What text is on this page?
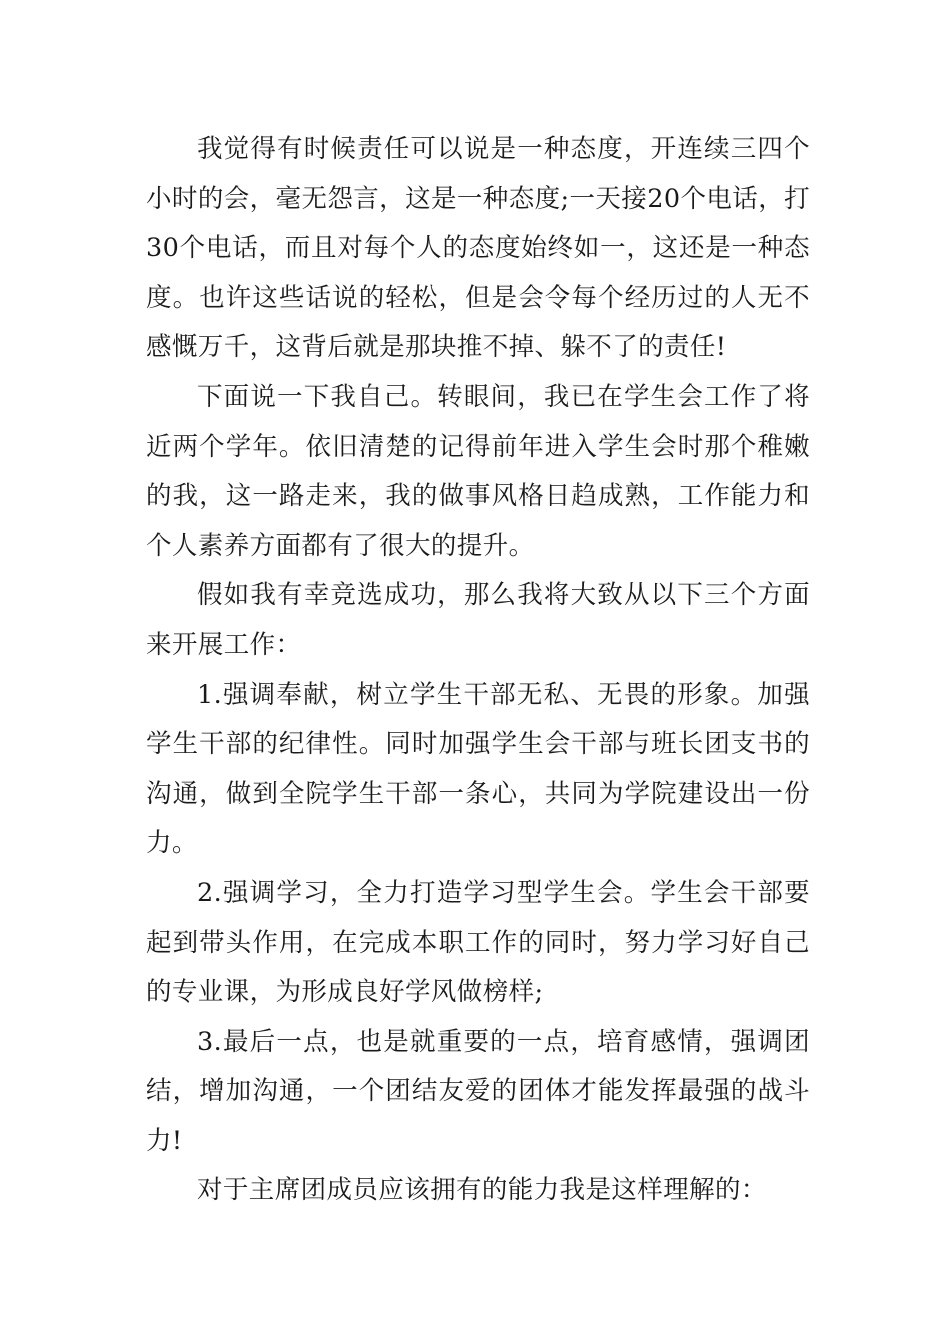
我觉得有时候责任可以说是一种态度，开连续三四个小时的会，毫无怨言，这是一种态度;一天接20个电话，打30个电话，而且对每个人的态度始终如一，这还是一种态度。也许这些话说的轻松，但是会令每个经历过的人无不感慨万千，这背后就是那块推不掉、躲不了的责任!

下面说一下我自己。转眼间，我已在学生会工作了将近两个学年。依旧清楚的记得前年进入学生会时那个稚嫩的我，这一路走来，我的做事风格日趋成熟，工作能力和个人素养方面都有了很大的提升。

假如我有幸竞选成功，那么我将大致从以下三个方面来开展工作：

1.强调奉献，树立学生干部无私、无畏的形象。加强学生干部的纪律性。同时加强学生会干部与班长团支书的沟通，做到全院学生干部一条心，共同为学院建设出一份力。

2.强调学习，全力打造学习型学生会。学生会干部要起到带头作用，在完成本职工作的同时，努力学习好自己的专业课，为形成良好学风做榜样;

3.最后一点，也是就重要的一点，培育感情，强调团结，增加沟通，一个团结友爱的团体才能发挥最强的战斗力!

对于主席团成员应该拥有的能力我是这样理解的：
